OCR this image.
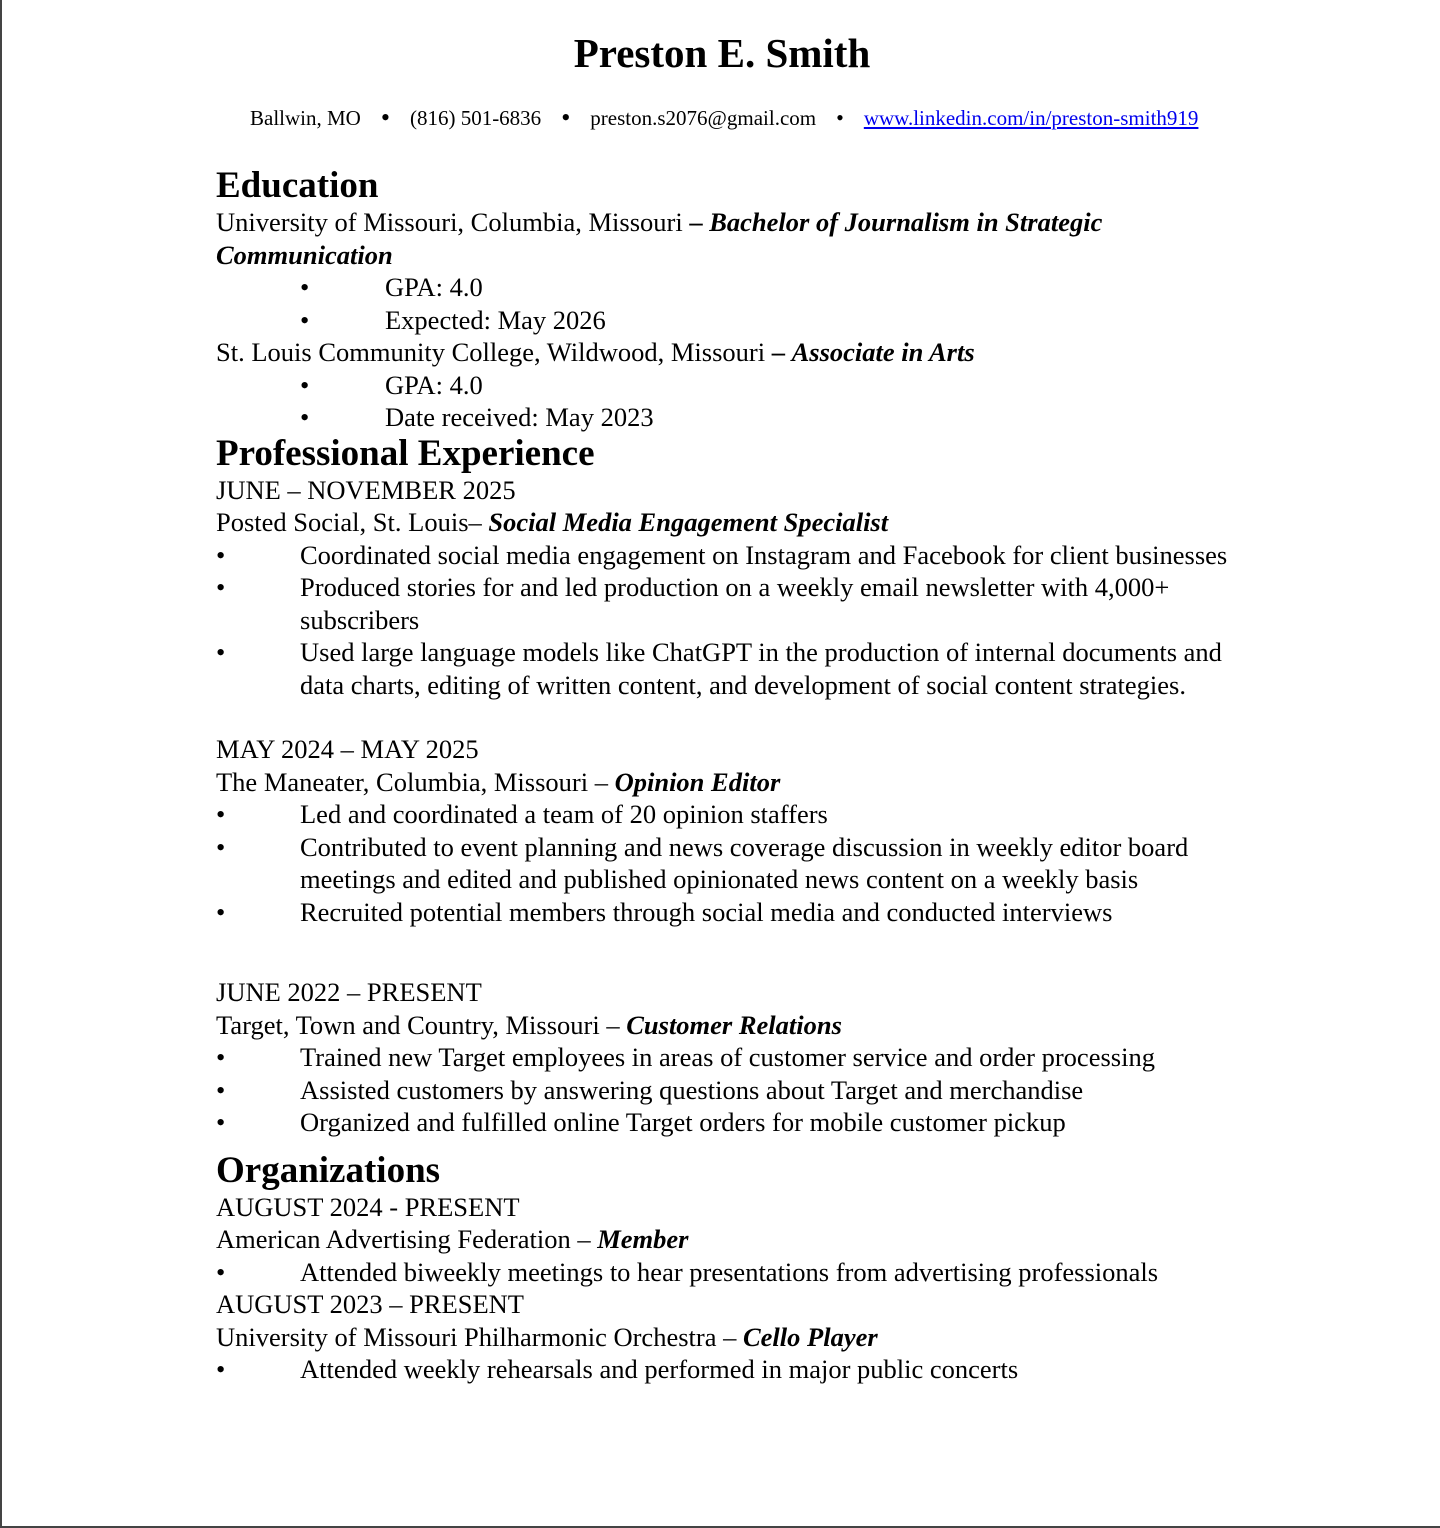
Preston E. Smith
Ballwin, MO • (816) 501-6836 • preston.s2076@gmail.com • www.linkedin.com/in/preston-smith919
Education
University of Missouri, Columbia, Missouri – Bachelor of Journalism in Strategic
Communication
•	GPA: 4.0
•	Expected: May 2026
St. Louis Community College, Wildwood, Missouri – Associate in Arts
•	GPA: 4.0
•	Date received: May 2023
Professional Experience
JUNE – NOVEMBER 2025
Posted Social, St. Louis– Social Media Engagement Specialist
•	Coordinated social media engagement on Instagram and Facebook for client businesses
•	Produced stories for and led production on a weekly email newsletter with 4,000+ subscribers
•	Used large language models like ChatGPT in the production of internal documents and data charts, editing of written content, and development of social content strategies.
MAY 2024 – MAY 2025
The Maneater, Columbia, Missouri – Opinion Editor
•	Led and coordinated a team of 20 opinion staffers
•	Contributed to event planning and news coverage discussion in weekly editor board meetings and edited and published opinionated news content on a weekly basis
•	Recruited potential members through social media and conducted interviews
JUNE 2022 – PRESENT
Target, Town and Country, Missouri – Customer Relations
•	Trained new Target employees in areas of customer service and order processing
•	Assisted customers by answering questions about Target and merchandise
•	Organized and fulfilled online Target orders for mobile customer pickup
Organizations
AUGUST 2024 - PRESENT
American Advertising Federation – Member
•	Attended biweekly meetings to hear presentations from advertising professionals
AUGUST 2023 – PRESENT
University of Missouri Philharmonic Orchestra – Cello Player
•	Attended weekly rehearsals and performed in major public concerts
